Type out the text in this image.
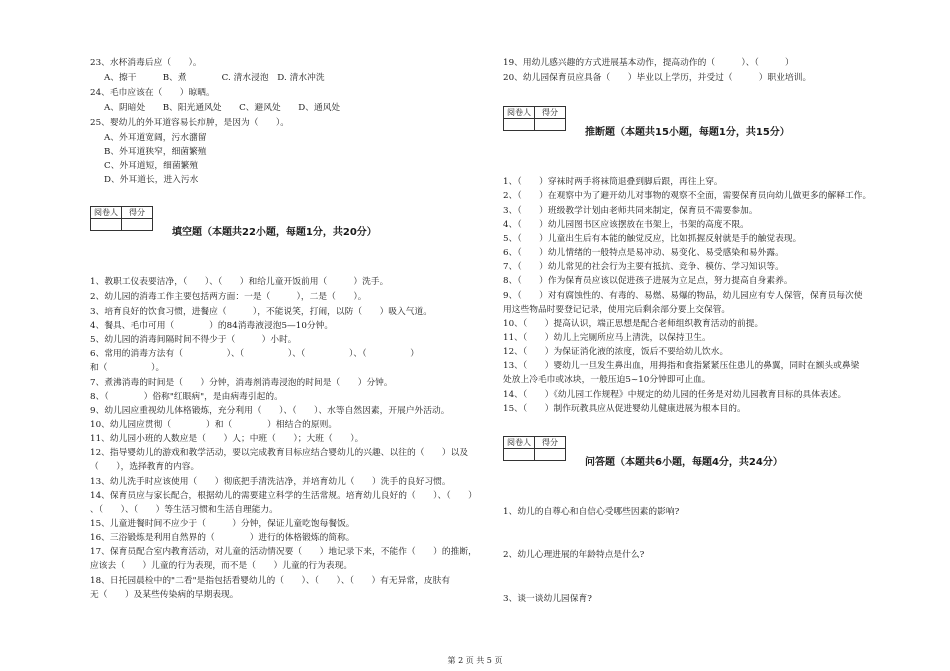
23、水杯消毒后应（　　）。
A、擦干　　　B、煮　　　　C. 清水浸泡　D. 清水冲洗
24、毛巾应该在（　　）晾晒。
A、阴暗处　　B、阳光通风处　　C、避风处　　D、通风处
25、婴幼儿的外耳道容易长疖肿，是因为（　　）。
A、外耳道宽阔，污水潴留
B、外耳道狭窄，细菌繁殖
C、外耳道短，细菌繁殖
D、外耳道长，进入污水
阅卷人	得分

填空题（本题共22小题，每题1分，共20分）
1、教职工仪表要洁净，（　　）、（　　）和给儿童开饭前用（　　　）洗手。
2、幼儿园的消毒工作主要包括两方面：一是（　　　），二是（　　）。
3、培育良好的饮食习惯，进餐应（　　　），不能说笑，打闹，以防（　　）吸入气道。
4、餐具、毛巾可用（　　　　）的84消毒液浸泡5—10分钟。
5、幼儿园的消毒间隔时间不得少于（　　　）小时。
6、常用的消毒方法有（　　　　　）、（　　　　　）、（　　　　　）、（　　　　　）
和（　　　　　）。
7、煮沸消毒的时间是（　　）分钟，消毒剂消毒浸泡的时间是（　　）分钟。
8、（　　　　）俗称"红眼病"，是由病毒引起的。
9、幼儿园应重视幼儿体格锻炼，充分利用（　　）、（　　）、水等自然因素，开展户外活动。
10、幼儿园应贯彻（　　　　）和（　　　　）相结合的原则。
11、幼儿园小班的人数应是（　　）人；中班（　　）；大班（　　）。
12、指导婴幼儿的游戏和教学活动，要以完成教育目标应结合婴幼儿的兴趣、以往的（　　）以及
（　　），选择教育的内容。
13、幼儿洗手时应该使用（　　）彻底把手清洗洁净，并培育幼儿（　　）洗手的良好习惯。
14、保育员应与家长配合，根据幼儿的需要建立科学的生活常规。培育幼儿良好的（　　）、（　　）
、（　　）、（　　）等生活习惯和生活自理能力。
15、儿童进餐时间不应少于（　　　）分钟，保证儿童吃饱每餐饭。
16、三浴锻炼是利用自然界的（　　　　）进行的体格锻炼的简称。
17、保育员配合室内教育活动，对儿童的活动情况要（　　）地记录下来，不能作（　　）的推断，
应该去（　　）儿童的行为表现，而不是（　　）儿童的行为表现。
18、日托园晨检中的"二看"是指包括看婴幼儿的（　　）、（　　）、（　　）有无异常，皮肤有
无（　　）及某些传染病的早期表现。
19、用幼儿感兴趣的方式进展基本动作，提高动作的（　　　）、（　　　）
20、幼儿园保育员应具备（　　）毕业以上学历，并受过（　　　）职业培训。
阅卷人	得分

推断题（本题共15小题，每题1分，共15分）
1、（　　）穿袜时两手将袜筒退叠到脚后跟，再往上穿。
2、（　　）在观察中为了避开幼儿对事物的观察不全面，需要保育员向幼儿做更多的解释工作。
3、（　　）班级教学计划由老师共同来制定，保育员不需要参加。
4、（　　）幼儿园图书区应该摆放在书架上，书架的高度不限。
5、（　　）儿童出生后有本能的触觉反应，比如抓握反射就是手的触觉表现。
6、（　　）幼儿情绪的一般特点是易冲动、易变化、易受感染和易外露。
7、（　　）幼儿常见的社会行为主要有抵抗、竞争、模仿、学习知识等。
8、（　　）作为保育员应该以促进孩子进展为立足点，努力提高自身素养。
9、（　　）对有腐蚀性的、有毒的、易燃、易爆的物品，幼儿园应有专人保管，保育员每次使
用这些物品时要登记记录，使用完后剩余部分要上交保管。
10、（　　）提高认识，端正思想是配合老师组织教育活动的前提。
11、（　　）幼儿上完厕所应马上清洗，以保持卫生。
12、（　　）为保证消化液的浓度，饭后不要给幼儿饮水。
13、（　　）婴幼儿一旦发生鼻出血，用拇指和食指紧紧压住患儿的鼻翼，同时在额头或鼻梁
处放上冷毛巾或冰块，一般压迫5~10分钟即可止血。
14、（　　）《幼儿园工作规程》中规定的幼儿园的任务是对幼儿园教育目标的具体表述。
15、（　　）制作玩教具应从促进婴幼儿健康进展为根本目的。
阅卷人	得分

问答题（本题共6小题，每题4分，共24分）
1、幼儿的自尊心和自信心受哪些因素的影响?
2、幼儿心理进展的年龄特点是什么?
3、谈一谈幼儿园保育?
第 2 页 共 5 页
